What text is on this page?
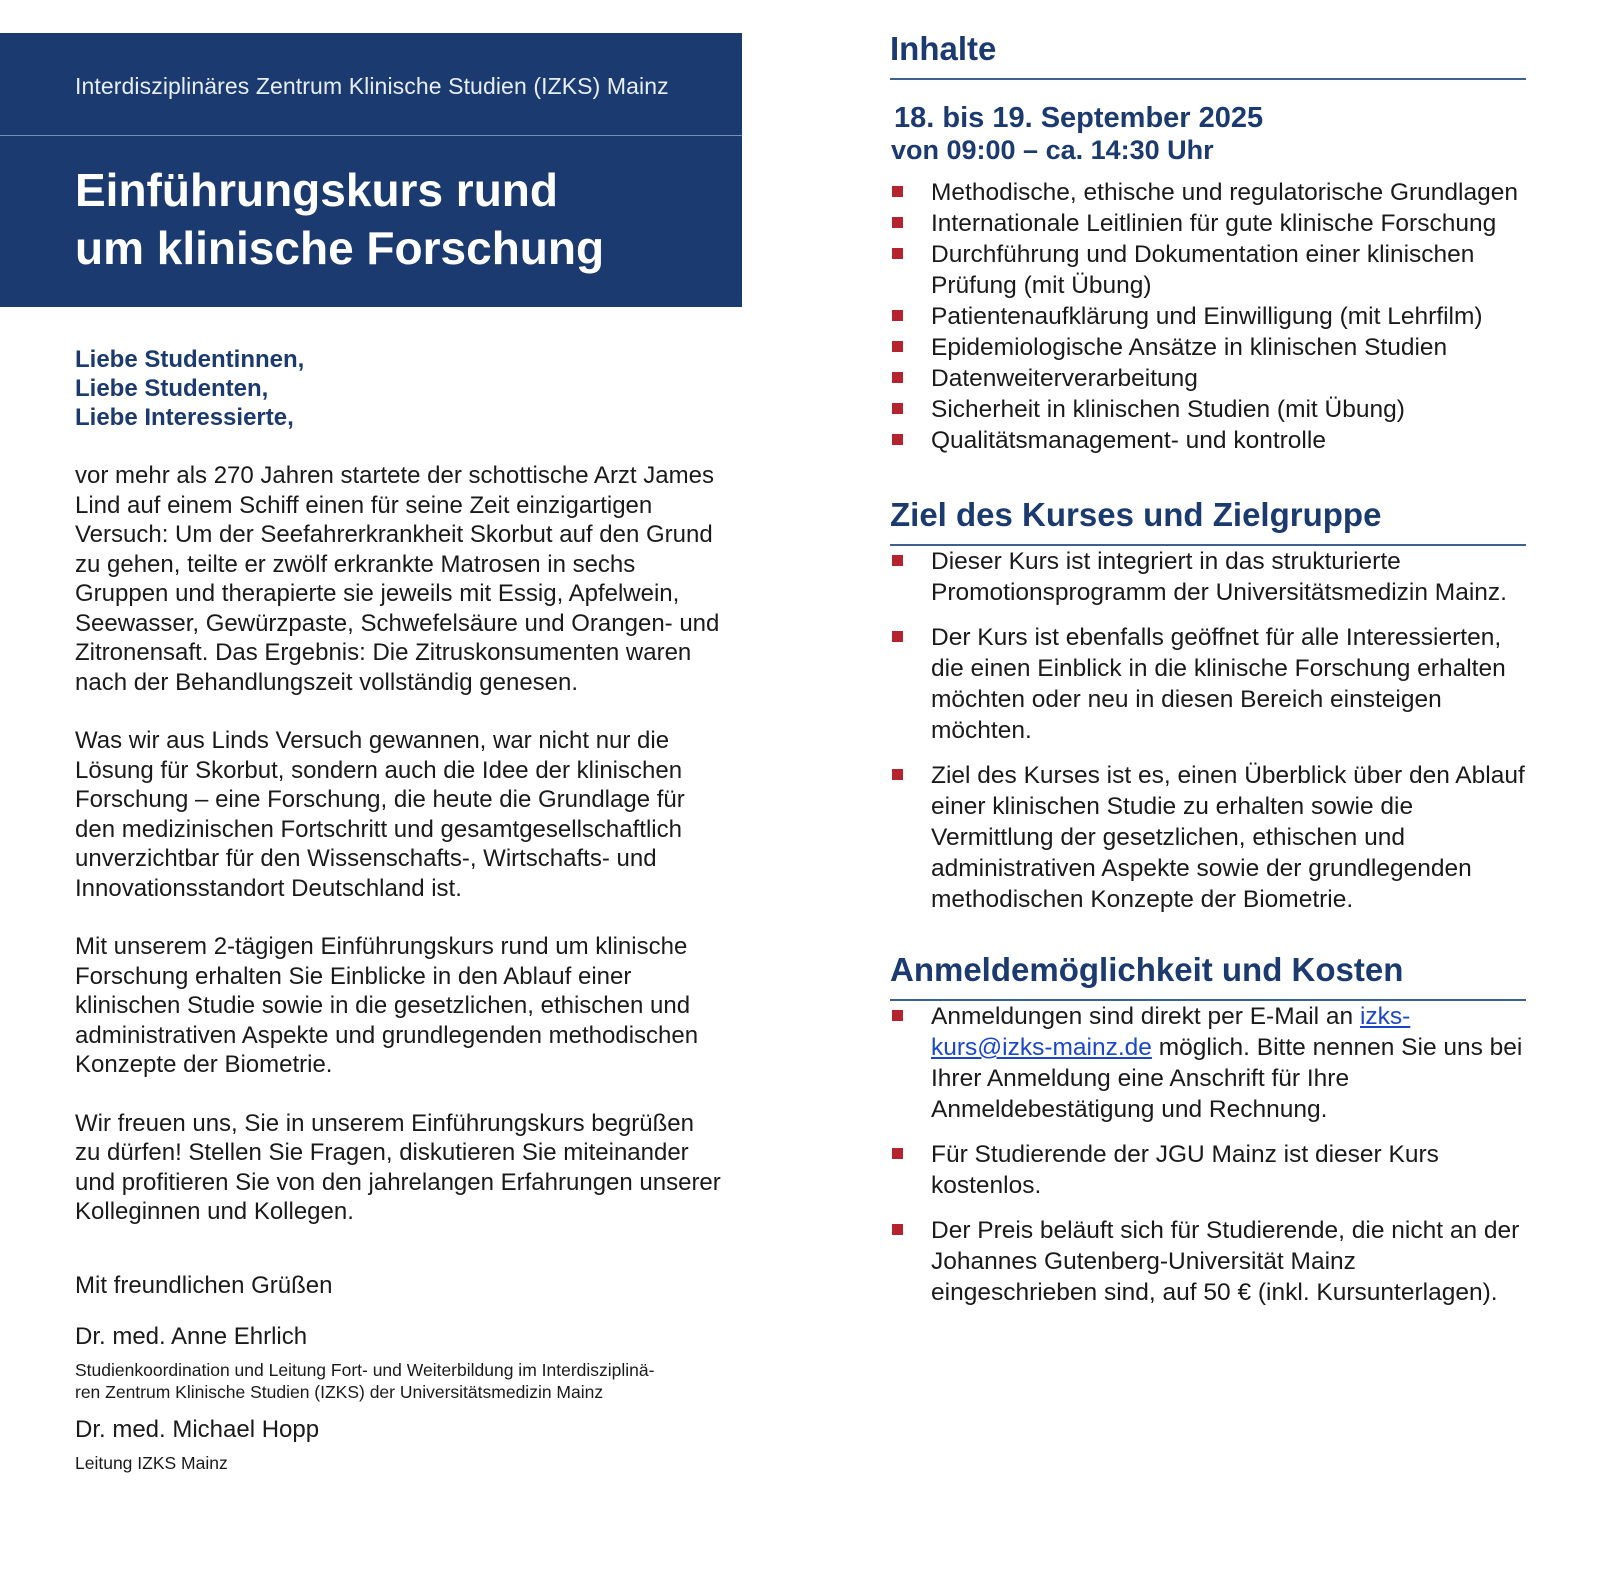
Interdisziplinäres Zentrum Klinische Studien (IZKS) Mainz
Einführungskurs rund
um klinische Forschung

Liebe Studentinnen,
Liebe Studenten,
Liebe Interessierte,

vor mehr als 270 Jahren startete der schottische Arzt James Lind auf einem Schiff einen für seine Zeit einzigartigen Versuch: Um der Seefahrerkrankheit Skorbut auf den Grund zu gehen, teilte er zwölf erkrankte Matrosen in sechs Gruppen und therapierte sie jeweils mit Essig, Apfelwein, Seewasser, Gewürzpaste, Schwefelsäure und Orangen- und Zitronensaft. Das Ergebnis: Die Zitruskonsumenten waren nach der Behandlungszeit vollständig genesen.

Was wir aus Linds Versuch gewannen, war nicht nur die Lösung für Skorbut, sondern auch die Idee der klinischen Forschung – eine Forschung, die heute die Grundlage für den medizinischen Fortschritt und gesamtgesellschaftlich unverzichtbar für den Wissenschafts-, Wirtschafts- und Innovationsstandort Deutschland ist.

Mit unserem 2-tägigen Einführungskurs rund um klinische Forschung erhalten Sie Einblicke in den Ablauf einer klinischen Studie sowie in die gesetzlichen, ethischen und administrativen Aspekte und grundlegenden methodischen Konzepte der Biometrie.

Wir freuen uns, Sie in unserem Einführungskurs begrüßen zu dürfen! Stellen Sie Fragen, diskutieren Sie miteinander und profitieren Sie von den jahrelangen Erfahrungen unserer Kolleginnen und Kollegen.

Mit freundlichen Grüßen

Dr. med. Anne Ehrlich

Studienkoordination und Leitung Fort- und Weiterbildung im Interdisziplinä-
ren Zentrum Klinische Studien (IZKS) der Universitätsmedizin Mainz

Dr. med. Michael Hopp

Leitung IZKS Mainz

Inhalte
18. bis 19. September 2025
von 09:00 – ca. 14:30 Uhr
Methodische, ethische und regulatorische Grundlagen
Internationale Leitlinien für gute klinische Forschung
Durchführung und Dokumentation einer klinischen Prüfung (mit Übung)
Patientenaufklärung und Einwilligung (mit Lehrfilm)
Epidemiologische Ansätze in klinischen Studien
Datenweiterverarbeitung
Sicherheit in klinischen Studien (mit Übung)
Qualitätsmanagement- und kontrolle
Ziel des Kurses und Zielgruppe
Dieser Kurs ist integriert in das strukturierte Promotionsprogramm der Universitätsmedizin Mainz.
Der Kurs ist ebenfalls geöffnet für alle Interessierten, die einen Einblick in die klinische Forschung erhalten möchten oder neu in diesen Bereich einsteigen möchten.
Ziel des Kurses ist es, einen Überblick über den Ablauf einer klinischen Studie zu erhalten sowie die Vermittlung der gesetzlichen, ethischen und administrativen Aspekte sowie der grundlegenden methodischen Konzepte der Biometrie.
Anmeldemöglichkeit und Kosten
Anmeldungen sind direkt per E-Mail an izks-kurs@izks-mainz.de möglich. Bitte nennen Sie uns bei Ihrer Anmeldung eine Anschrift für Ihre Anmeldebestätigung und Rechnung.
Für Studierende der JGU Mainz ist dieser Kurs kostenlos.
Der Preis beläuft sich für Studierende, die nicht an der Johannes Gutenberg-Universität Mainz eingeschrieben sind, auf 50 € (inkl. Kursunterlagen).
